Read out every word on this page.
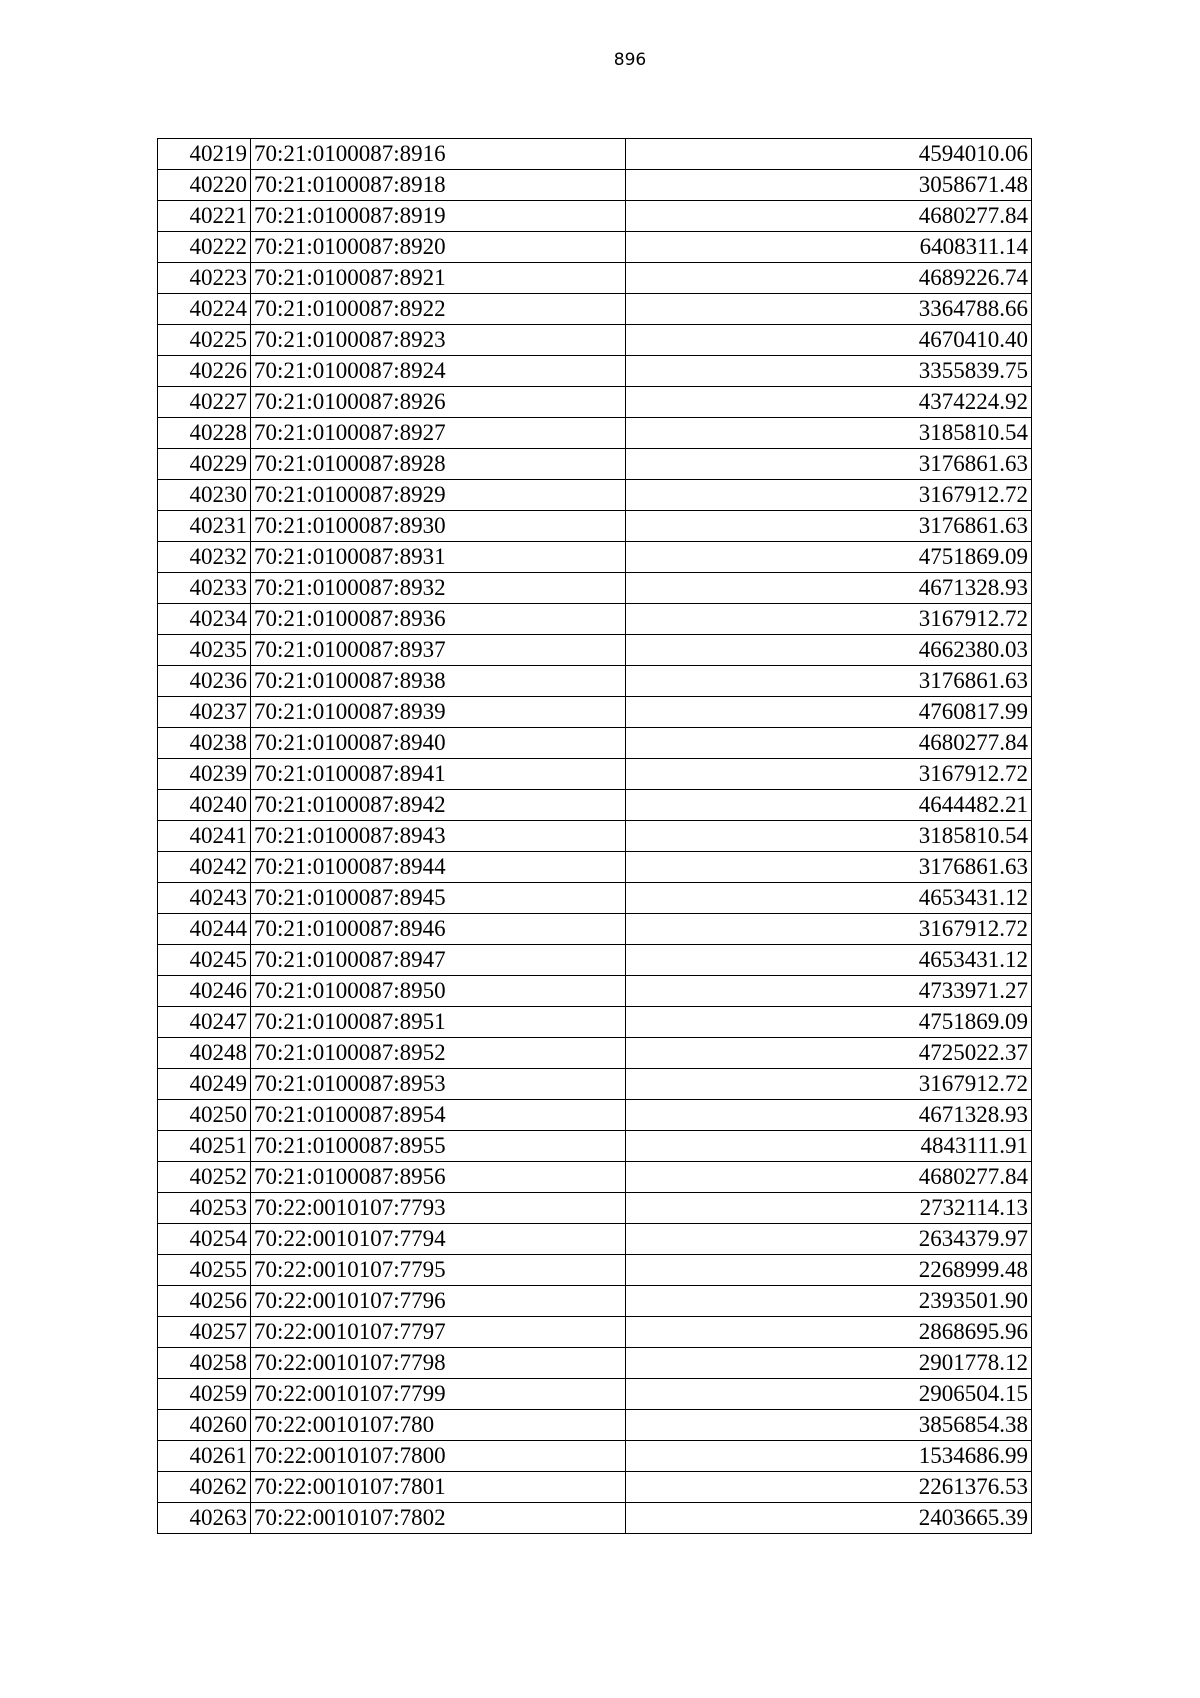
896
40219	70:21:0100087:8916	4594010.06
40220	70:21:0100087:8918	3058671.48
40221	70:21:0100087:8919	4680277.84
40222	70:21:0100087:8920	6408311.14
40223	70:21:0100087:8921	4689226.74
40224	70:21:0100087:8922	3364788.66
40225	70:21:0100087:8923	4670410.40
40226	70:21:0100087:8924	3355839.75
40227	70:21:0100087:8926	4374224.92
40228	70:21:0100087:8927	3185810.54
40229	70:21:0100087:8928	3176861.63
40230	70:21:0100087:8929	3167912.72
40231	70:21:0100087:8930	3176861.63
40232	70:21:0100087:8931	4751869.09
40233	70:21:0100087:8932	4671328.93
40234	70:21:0100087:8936	3167912.72
40235	70:21:0100087:8937	4662380.03
40236	70:21:0100087:8938	3176861.63
40237	70:21:0100087:8939	4760817.99
40238	70:21:0100087:8940	4680277.84
40239	70:21:0100087:8941	3167912.72
40240	70:21:0100087:8942	4644482.21
40241	70:21:0100087:8943	3185810.54
40242	70:21:0100087:8944	3176861.63
40243	70:21:0100087:8945	4653431.12
40244	70:21:0100087:8946	3167912.72
40245	70:21:0100087:8947	4653431.12
40246	70:21:0100087:8950	4733971.27
40247	70:21:0100087:8951	4751869.09
40248	70:21:0100087:8952	4725022.37
40249	70:21:0100087:8953	3167912.72
40250	70:21:0100087:8954	4671328.93
40251	70:21:0100087:8955	4843111.91
40252	70:21:0100087:8956	4680277.84
40253	70:22:0010107:7793	2732114.13
40254	70:22:0010107:7794	2634379.97
40255	70:22:0010107:7795	2268999.48
40256	70:22:0010107:7796	2393501.90
40257	70:22:0010107:7797	2868695.96
40258	70:22:0010107:7798	2901778.12
40259	70:22:0010107:7799	2906504.15
40260	70:22:0010107:780	3856854.38
40261	70:22:0010107:7800	1534686.99
40262	70:22:0010107:7801	2261376.53
40263	70:22:0010107:7802	2403665.39
